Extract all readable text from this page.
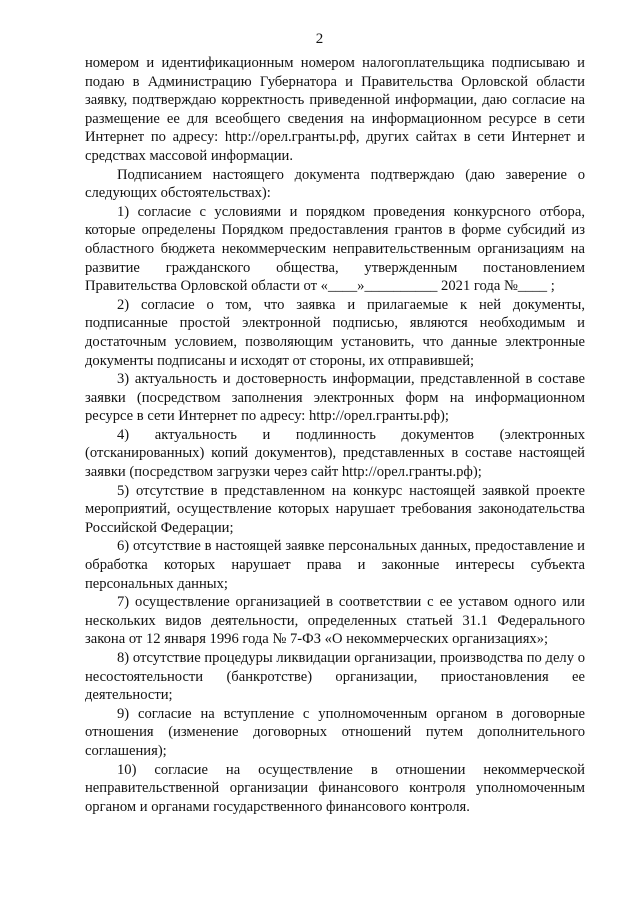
2

номером и идентификационным номером налогоплательщика подписываю и подаю в Администрацию Губернатора и Правительства Орловской области заявку, подтверждаю корректность приведенной информации, даю согласие на размещение ее для всеобщего сведения на информационном ресурсе в сети Интернет по адресу: http://орел.гранты.рф, других сайтах в сети Интернет и средствах массовой информации.

Подписанием настоящего документа подтверждаю (даю заверение о следующих обстоятельствах):

1) согласие с условиями и порядком проведения конкурсного отбора, которые определены Порядком предоставления грантов в форме субсидий из областного бюджета некоммерческим неправительственным организациям на развитие гражданского общества, утвержденным постановлением Правительства Орловской области от «____»__________ 2021 года №____ ;

2) согласие о том, что заявка и прилагаемые к ней документы, подписанные простой электронной подписью, являются необходимым и достаточным условием, позволяющим установить, что данные электронные документы подписаны и исходят от стороны, их отправившей;

3) актуальность и достоверность информации, представленной в составе заявки (посредством заполнения электронных форм на информационном ресурсе в сети Интернет по адресу: http://орел.гранты.рф);

4) актуальность и подлинность документов (электронных (отсканированных) копий документов), представленных в составе настоящей заявки (посредством загрузки через сайт http://орел.гранты.рф);

5) отсутствие в представленном на конкурс настоящей заявкой проекте мероприятий, осуществление которых нарушает требования законодательства Российской Федерации;

6) отсутствие в настоящей заявке персональных данных, предоставление и обработка которых нарушает права и законные интересы субъекта персональных данных;

7) осуществление организацией в соответствии с ее уставом одного или нескольких видов деятельности, определенных статьей 31.1 Федерального закона от 12 января 1996 года № 7-ФЗ «О некоммерческих организациях»;

8) отсутствие процедуры ликвидации организации, производства по делу о несостоятельности (банкротстве) организации, приостановления ее деятельности;

9) согласие на вступление с уполномоченным органом в договорные отношения (изменение договорных отношений путем дополнительного соглашения);

10) согласие на осуществление в отношении некоммерческой неправительственной организации финансового контроля уполномоченным органом и органами государственного финансового контроля.
